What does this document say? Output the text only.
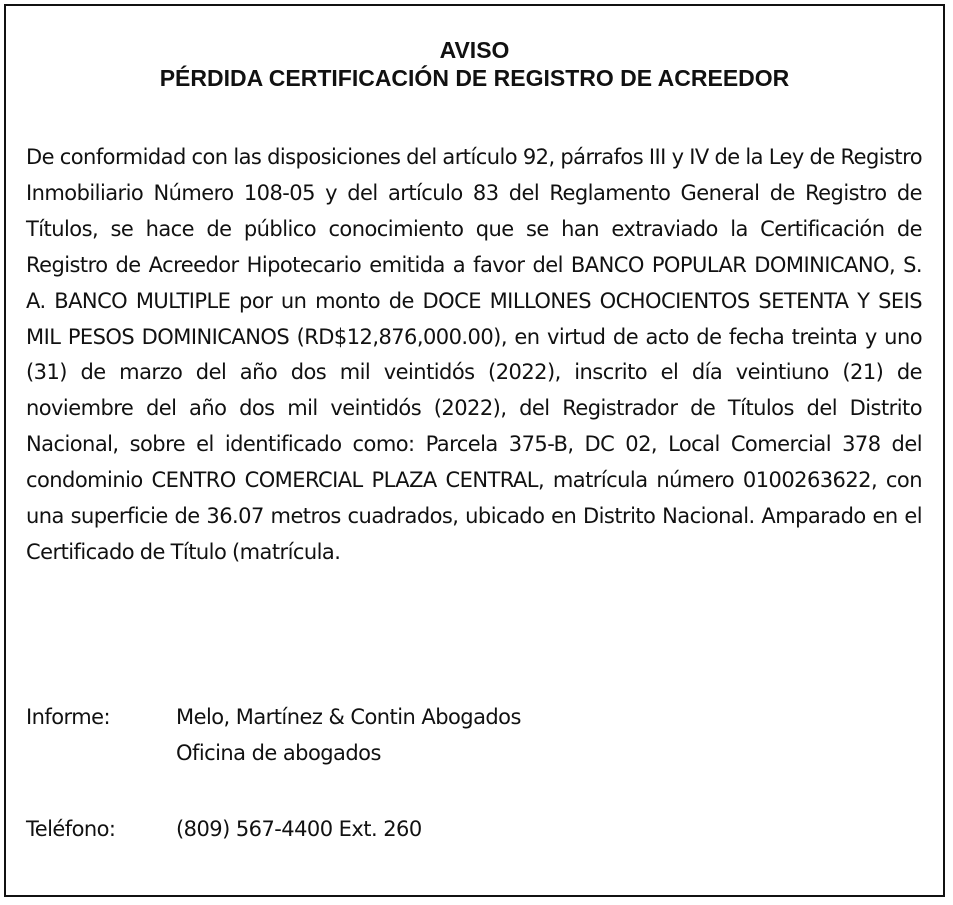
AVISO
PÉRDIDA CERTIFICACIÓN DE REGISTRO DE ACREEDOR

De conformidad con las disposiciones del artículo 92, párrafos III y IV de la Ley de Registro Inmobiliario Número 108-05 y del artículo 83 del Reglamento General de Registro de Títulos, se hace de público conocimiento que se han extraviado la Certificación de Registro de Acreedor Hipotecario emitida a favor del BANCO POPULAR DOMINICANO, S. A. BANCO MULTIPLE por un monto de DOCE MILLONES OCHOCIENTOS SETENTA Y SEIS MIL PESOS DOMINICANOS (RD$12,876,000.00), en virtud de acto de fecha treinta y uno (31) de marzo del año dos mil veintidós (2022), inscrito el día veintiuno (21) de noviembre del año dos mil veintidós (2022), del Registrador de Títulos del Distrito Nacional, sobre el identificado como: Parcela 375-B, DC 02, Local Comercial 378 del condominio CENTRO COMERCIAL PLAZA CENTRAL, matrícula número 0100263622, con una superficie de 36.07 metros cuadrados, ubicado en Distrito Nacional. Amparado en el Certificado de Título (matrícula.

Informe:	Melo, Martínez & Contin Abogados
Oficina de abogados
Teléfono:	(809) 567-4400 Ext. 260
